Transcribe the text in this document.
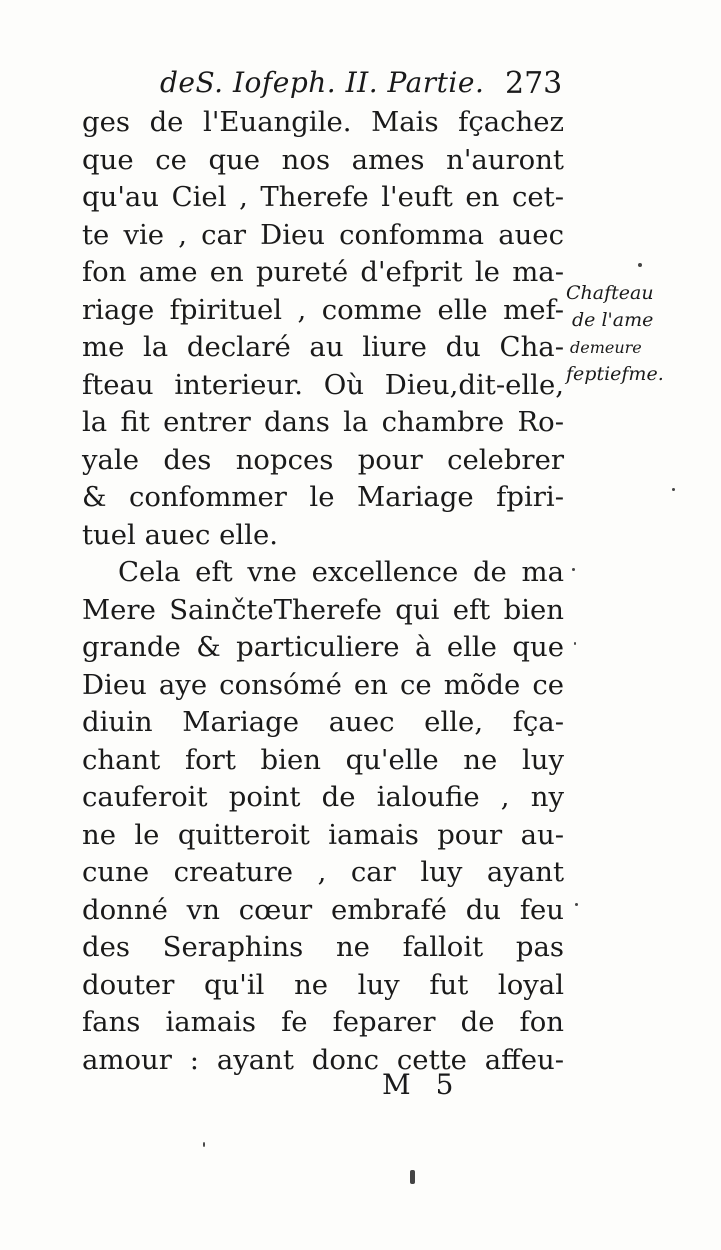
deS. Iofeph. II. Partie. 273
ges de l'Euangile. Mais fçachez
que ce que nos ames n'auront
qu'au Ciel , Therefe l'euft en cet-
te vie , car Dieu confomma auec
fon ame en pureté d'efprit le ma-
riage fpirituel , comme elle mef-
me la declaré au liure du Cha-
fteau interieur. Où Dieu,dit-elle,
la fit entrer dans la chambre Ro-
yale des nopces pour celebrer
& confommer le Mariage fpiri-
tuel auec elle.
Cela eft vne excellence de ma
Mere SainčteTherefe qui eft bien
grande & particuliere à elle que
Dieu aye consómé en ce mõde ce
diuin Mariage auec elle, fça-
chant fort bien qu'elle ne luy
cauferoit point de ialoufie , ny
ne le quitteroit iamais pour au-
cune creature , car luy ayant
donné vn cœur embrafé du feu
des Seraphins ne falloit pas
douter qu'il ne luy fut loyal
fans iamais fe feparer de fon
amour : ayant donc cette affeu-
Chafteau
de l'ame
demeure
feptiefme.
M 5
